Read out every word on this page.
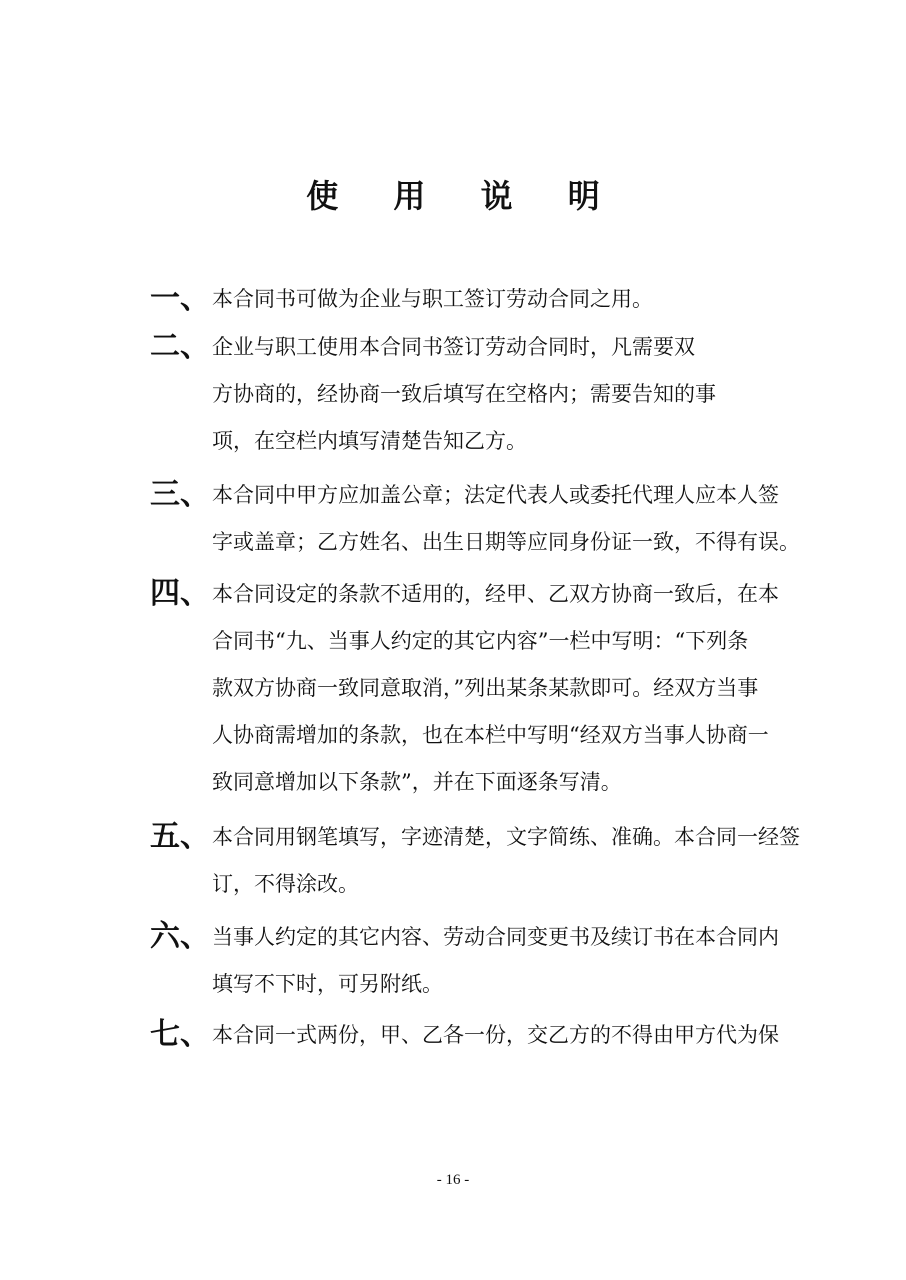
使 用 说 明
一、 本合同书可做为企业与职工签订劳动合同之用。
二、 企业与职工使用本合同书签订劳动合同时，凡需要双
方协商的，经协商一致后填写在空格内；需要告知的事
项，在空栏内填写清楚告知乙方。
三、 本合同中甲方应加盖公章；法定代表人或委托代理人应本人签
字或盖章；乙方姓名、出生日期等应同身份证一致，不得有误。
四、 本合同设定的条款不适用的，经甲、乙双方协商一致后，在本
合同书“九、当事人约定的其它内容”一栏中写明：“下列条
款双方协商一致同意取消，”列出某条某款即可。经双方当事
人协商需增加的条款，也在本栏中写明“经双方当事人协商一
致同意增加以下条款”，并在下面逐条写清。
五、 本合同用钢笔填写，字迹清楚，文字简练、准确。本合同一经签
订，不得涂改。
六、 当事人约定的其它内容、劳动合同变更书及续订书在本合同内
填写不下时，可另附纸。
七、 本合同一式两份，甲、乙各一份，交乙方的不得由甲方代为保
- 16 -
